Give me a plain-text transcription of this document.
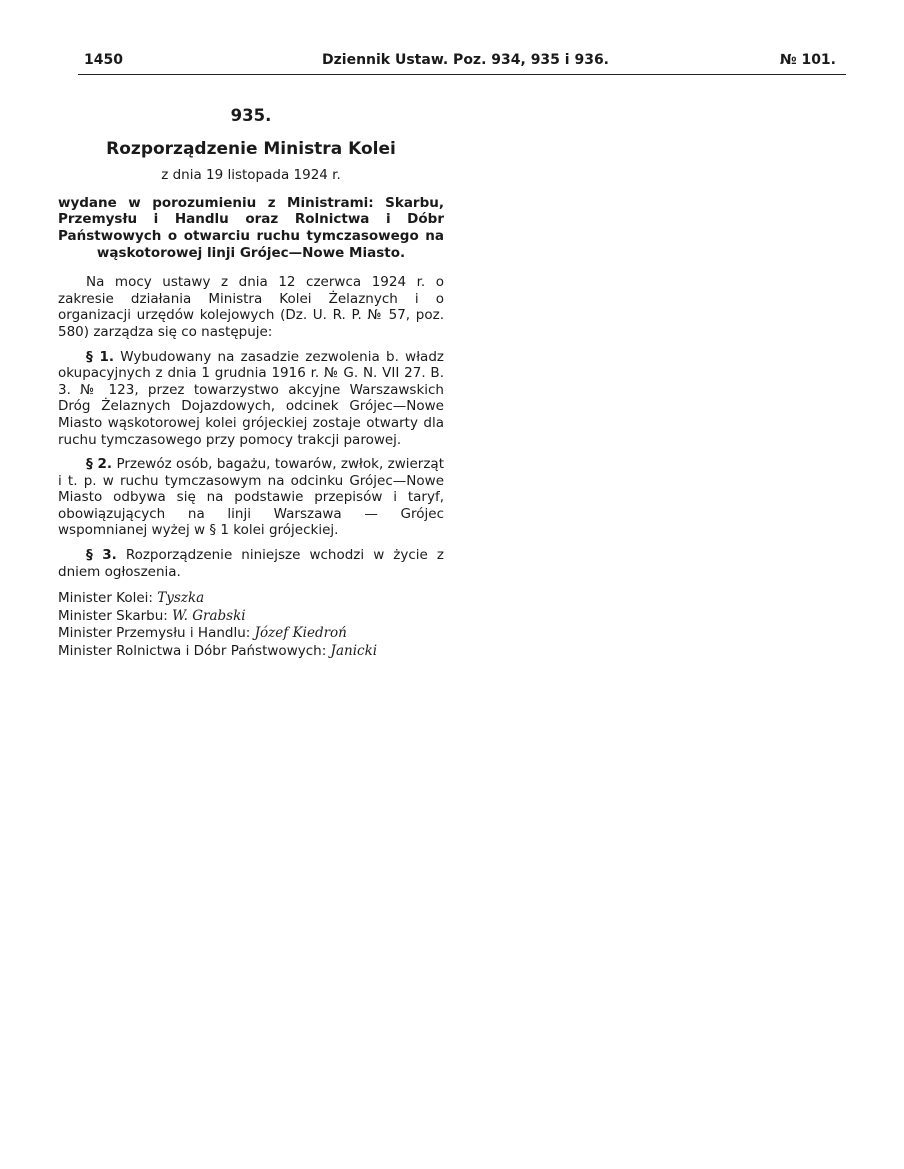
1450	Dziennik Ustaw. Poz. 934, 935 i 936.	№ 101.
935.
Rozporządzenie Ministra Kolei
z dnia 19 listopada 1924 r.
wydane w porozumieniu z Ministrami: Skarbu, Przemysłu i Handlu oraz Rolnictwa i Dóbr Państwowych o otwarciu ruchu tymczasowego na wąskotorowej linji Grójec—Nowe Miasto.

Na mocy ustawy z dnia 12 czerwca 1924 r. o zakresie działania Ministra Kolei Żelaznych i o organizacji urzędów kolejowych (Dz. U. R. P. № 57, poz. 580) zarządza się co następuje:

§ 1. Wybudowany na zasadzie zezwolenia b. władz okupacyjnych z dnia 1 grudnia 1916 r. № G. N. VII 27. B. 3. № 123, przez towarzystwo akcyjne Warszawskich Dróg Żelaznych Dojazdowych, odcinek Grójec—Nowe Miasto wąskotorowej kolei grójeckiej zostaje otwarty dla ruchu tymczasowego przy pomocy trakcji parowej.

§ 2. Przewóz osób, bagażu, towarów, zwłok, zwierząt i t. p. w ruchu tymczasowym na odcinku Grójec—Nowe Miasto odbywa się na podstawie przepisów i taryf, obowiązujących na linji Warszawa — Grójec wspomnianej wyżej w § 1 kolei grójeckiej.

§ 3. Rozporządzenie niniejsze wchodzi w życie z dniem ogłoszenia.

Minister Kolei: Tyszka
Minister Skarbu: W. Grabski
Minister Przemysłu i Handlu: Józef Kiedroń
Minister Rolnictwa i Dóbr Państwowych: Janicki
